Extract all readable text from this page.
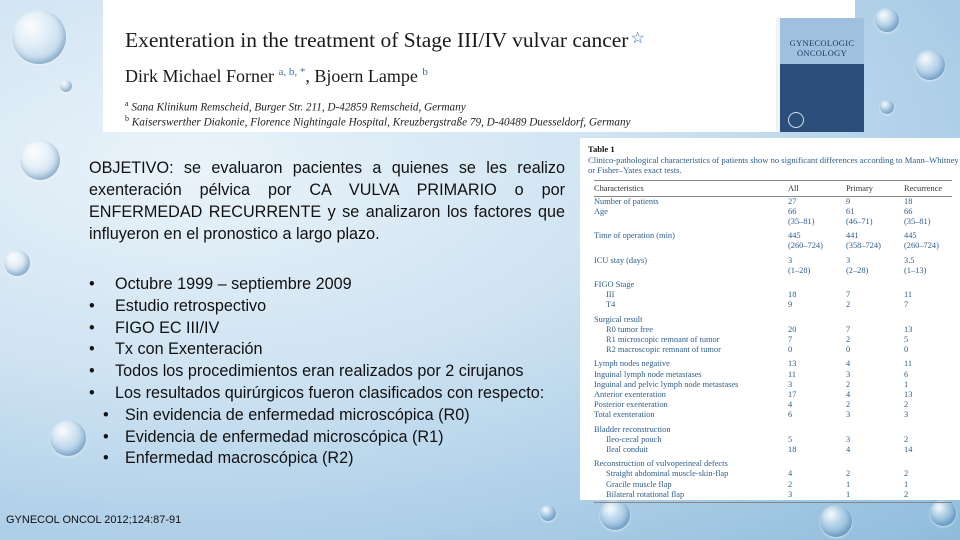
Exenteration in the treatment of Stage III/IV vulvar cancer ☆
Dirk Michael Forner $^{a, b, *}$, Bjoern Lampe $^b$
$^a$ Sana Klinikum Remscheid, Burger Str. 211, D-42859 Remscheid, Germany
$^b$ Kaiserswerther Diakonie, Florence Nightingale Hospital, Kreuzbergstraße 79, D-40489 Duesseldorf, Germany
GYNECOLOGIC ONCOLOGY
OBJETIVO: se evaluaron pacientes a quienes se les realizo exenteración pélvica por CA VULVA PRIMARIO o por ENFERMEDAD RECURRENTE y se analizaron los factores que influyeron en el pronostico a largo plazo.
• Octubre 1999 – septiembre 2009
• Estudio retrospectivo
• FIGO EC III/IV
• Tx con Exenteración
• Todos los procedimientos eran realizados por 2 cirujanos
• Los resultados quirúrgicos fueron clasificados con respecto:
• Sin evidencia de enfermedad microscópica (R0)
• Evidencia de enfermedad microscópica (R1)
• Enfermedad macroscópica (R2)
GYNECOL ONCOL 2012;124:87-91
Table 1
Clinico-pathological characteristics of patients show no significant differences according to Mann–Whitney or Fisher–Yates exact tests.
Characteristics	All	Primary	Recurrence
Number of patients	27	9	18
Age	66	61	66
	(35–81)	(46–71)	(35–81)
Time of operation (min)	445	441	445
	(260–724)	(358–724)	(260–724)
ICU stay (days)	3	3	3.5
	(1–28)	(2–28)	(1–13)
FIGO Stage			
III	18	7	11
T4	9	2	7
Surgical result			
R0 tumor free	20	7	13
R1 microscopic remnant of tumor	7	2	5
R2 macroscopic remnant of tumor	0	0	0
Lymph nodes negative	13	4	11
Inguinal lymph node metastases	11	3	6
Inguinal and pelvic lymph node metastases	3	2	1
Anterior exenteration	17	4	13
Posterior exenteration	4	2	2
Total exenteration	6	3	3
Bladder reconstruction			
Ileo-cecal pouch	5	3	2
Ileal conduit	18	4	14
Reconstruction of vulvoperineal defects			
Straight abdominal muscle-skin-flap	4	2	2
Gracile muscle flap	2	1	1
Bilateral rotational flap	3	1	2
